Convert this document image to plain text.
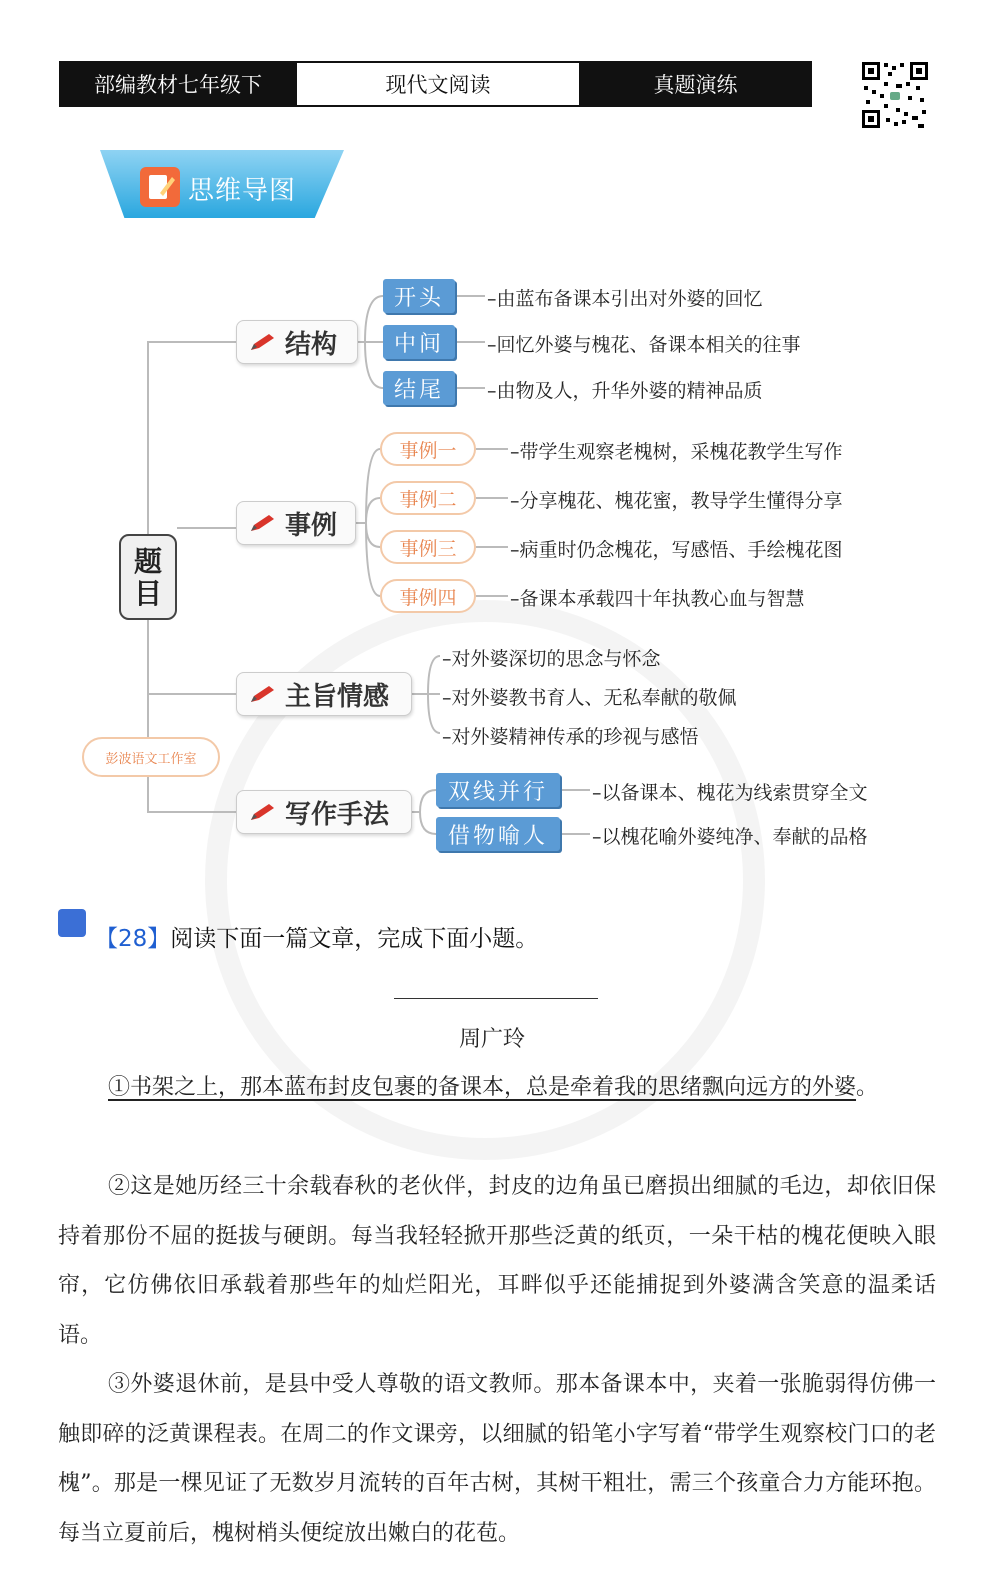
部编教材七年级下	现代文阅读	真题演练
思维导图
题目
结构
开头
中间
结尾
–由蓝布备课本引出对外婆的回忆
–回忆外婆与槐花、备课本相关的往事
–由物及人，升华外婆的精神品质
事例
事例一
事例二
事例三
事例四
–带学生观察老槐树，采槐花教学生写作
–分享槐花、槐花蜜，教导学生懂得分享
–病重时仍念槐花，写感悟、手绘槐花图
–备课本承载四十年执教心血与智慧
主旨情感
–对外婆深切的思念与怀念
–对外婆教书育人、无私奉献的敬佩
–对外婆精神传承的珍视与感悟
写作手法
双线并行
借物喻人
–以备课本、槐花为线索贯穿全文
–以槐花喻外婆纯净、奉献的品格
彭波语文工作室
【28】阅读下面一篇文章，完成下面小题。
周广玲
①书架之上，那本蓝布封皮包裹的备课本，总是牵着我的思绪飘向远方的外婆。
②这是她历经三十余载春秋的老伙伴，封皮的边角虽已磨损出细腻的毛边，却依旧保持着那份不屈的挺拔与硬朗。每当我轻轻掀开那些泛黄的纸页，一朵干枯的槐花便映入眼帘，它仿佛依旧承载着那些年的灿烂阳光，耳畔似乎还能捕捉到外婆满含笑意的温柔话语。
③外婆退休前，是县中受人尊敬的语文教师。那本备课本中，夹着一张脆弱得仿佛一触即碎的泛黄课程表。在周二的作文课旁，以细腻的铅笔小字写着“带学生观察校门口的老槐”。那是一棵见证了无数岁月流转的百年古树，其树干粗壮，需三个孩童合力方能环抱。每当立夏前后，槐树梢头便绽放出嫩白的花苞。
